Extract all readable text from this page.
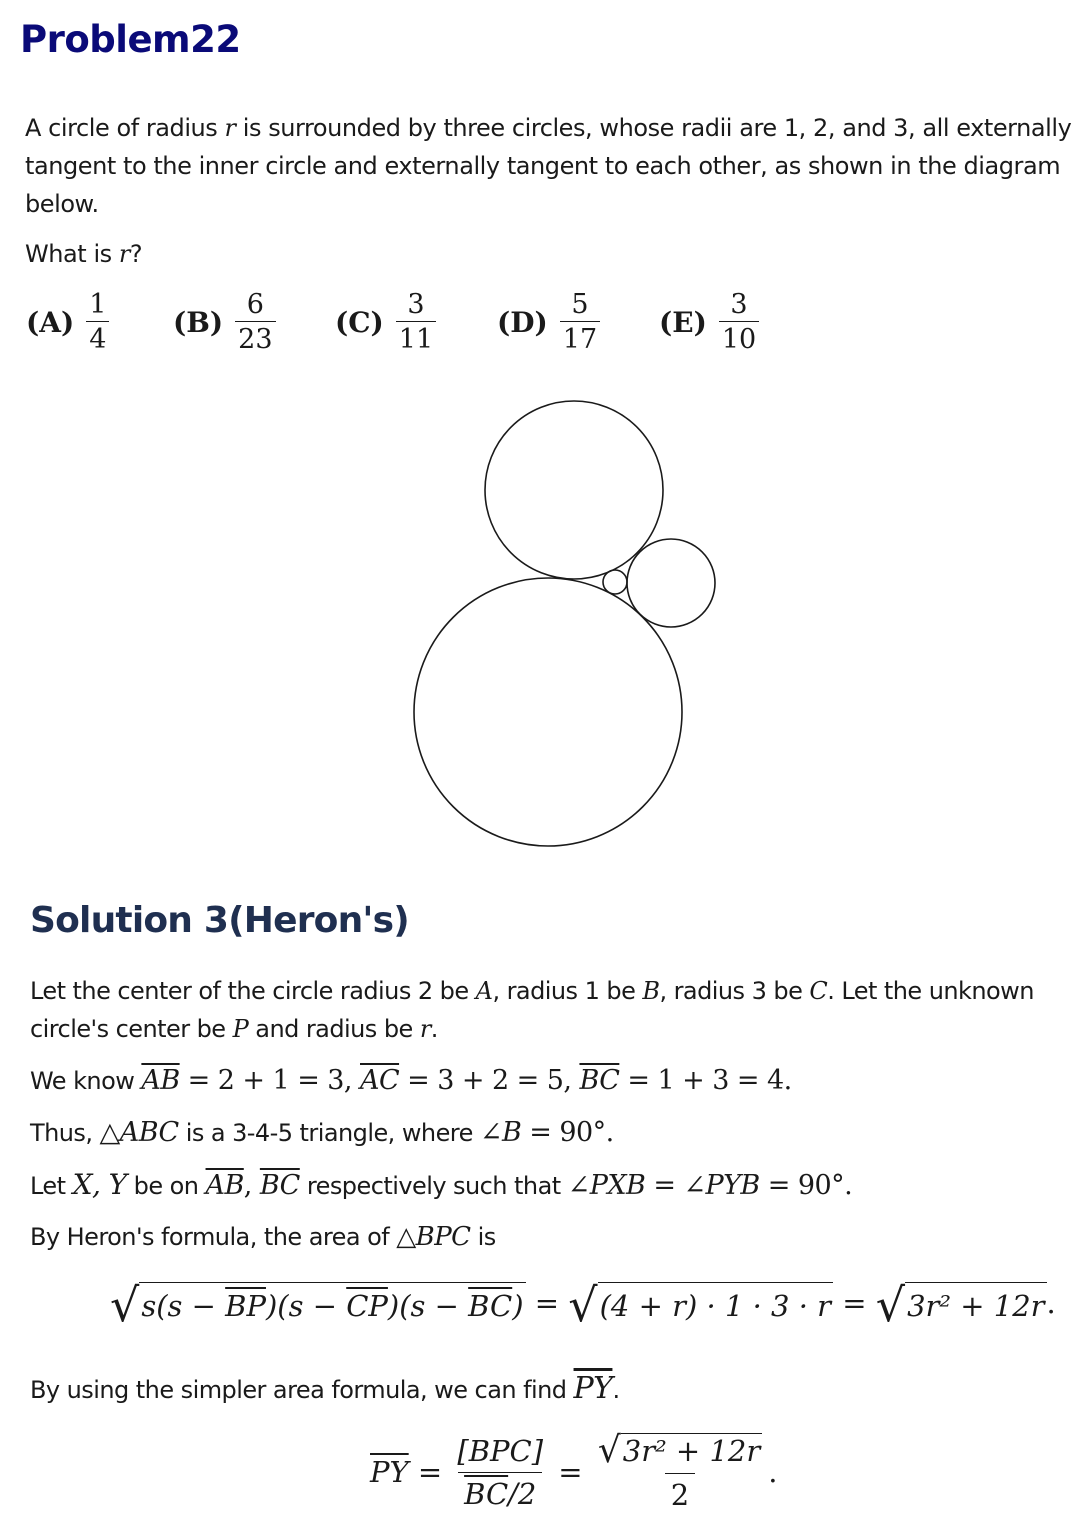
Problem22

A circle of radius r is surrounded by three circles, whose radii are 1, 2, and 3, all externally

tangent to the inner circle and externally tangent to each other, as shown in the diagram

below.

What is r?

$(A) \frac{1}{4} (B) \frac{6}{23} (C) \frac{3}{11} (D) \frac{5}{17} (E) \frac{3}{10}$
Solution 3(Heron's)

Let the center of the circle radius 2 be A, radius 1 be B, radius 3 be C. Let the unknown

circle's center be P and radius be r.

We know $\overline{AB} = 2 + 1 = 3$, $\overline{AC} = 3 + 2 = 5$, $\overline{BC} = 1 + 3 = 4$.

Thus, △ABC is a 3-4-5 triangle, where ∠B = 90°.

Let X, Y be on $\overline{AB}$, $\overline{BC}$ respectively such that ∠PXB = ∠PYB = 90°.

By Heron's formula, the area of △BPC is

√ $s(s - \overline{BP})(s - \overline{CP})(s - \overline{BC})$ = √ (4 + r) · 1 · 3 · r = √ 3r² + 12r .

By using the simpler area formula, we can find $\overline{PY}$.

$\overline{PY} = \frac{\text{[BPC]}}{\overline{BC}/2} = \frac{\text{√ 3r² + 12r}}{2}$ .
